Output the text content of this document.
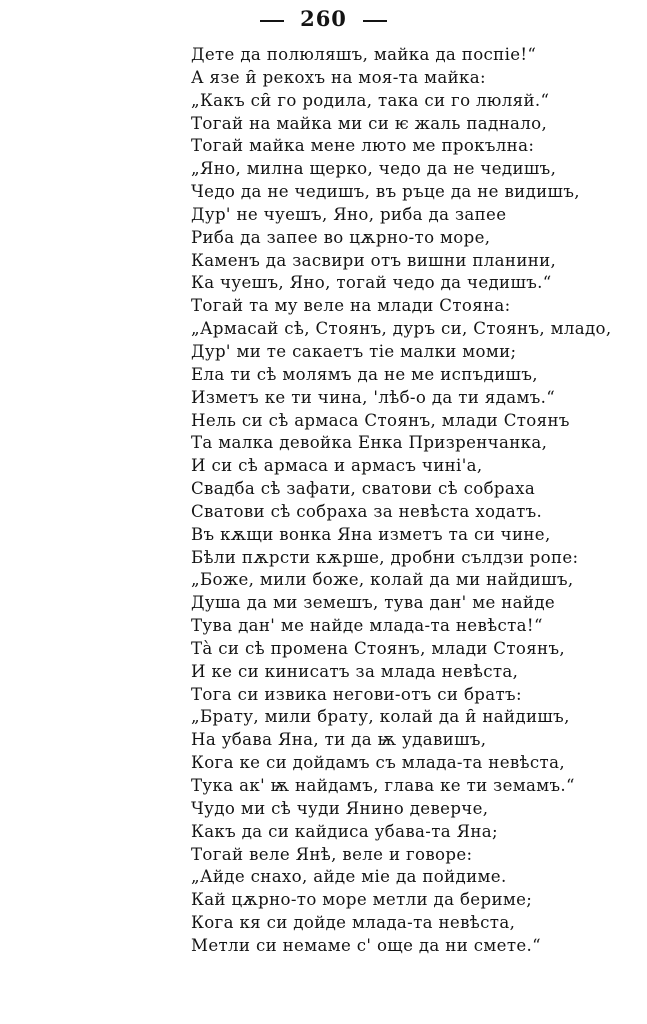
260
Дете да полюляшъ, майка да поспіе!“
А язе и̑ рекохъ на моя-та майка:
„Какъ си̑ го родила, така си го люляй.“
Тогай на майка ми си ѥ жаль паднало,
Тогай майка мене люто ме прокълна:
„Яно, милна щерко, чедо да не чедишъ,
Чедо да не чедишъ, въ ръце да не видишъ,
Дур' не чуешъ, Яно, риба да запее
Риба да запее во цѫрно-то море,
Каменъ да засвири отъ вишни планини,
Ка чуешъ, Яно, тогай чедо да чедишъ.“
Тогай та му веле на млади Стояна:
„Армасай сѣ, Стоянъ, дуръ си, Стоянъ, младо,
Дур' ми те сакаетъ тіе малки моми;
Ела ти сѣ молямъ да не ме испъдишъ,
Изметъ ке ти чина, 'лѣб-о да ти ядамъ.“
Нель си сѣ армаса Стоянъ, млади Стоянъ
Та малка девойка Енка Призренчанка,
И си сѣ армаса и армасъ чині'а,
Свадба сѣ зафати, сватови сѣ собраха
Сватови сѣ собраха за невѣста ходатъ.
Въ кѫщи вонка Яна изметъ та си чине,
Бѣли пѫрсти кѫрше, дробни сълдзи ропе:
„Боже, мили боже, колай да ми найдишъ,
Душа да ми земешъ, тува дан' ме найде
Тува дан' ме найде млада-та невѣста!“
Тà си сѣ промена Стоянъ, млади Стоянъ,
И ке си кинисатъ за млада невѣста,
Тога си извика негови-отъ си братъ:
„Брату, мили брату, колай да и̑ найдишъ,
На убава Яна, ти да ѭ удавишъ,
Кога ке си дойдамъ съ млада-та невѣста,
Тука ак' ѭ найдамъ, глава ке ти земамъ.“
Чудо ми сѣ чуди Янино деверче,
Какъ да си кайдиса убава-та Яна;
Тогай веле Янѣ, веле и говоре:
„Айде снахо, айде міе да пойдиме.
Кай цѫрно-то море метли да бериме;
Кога кя си дойде млада-та невѣста,
Метли си немаме с' още да ни смете.“
